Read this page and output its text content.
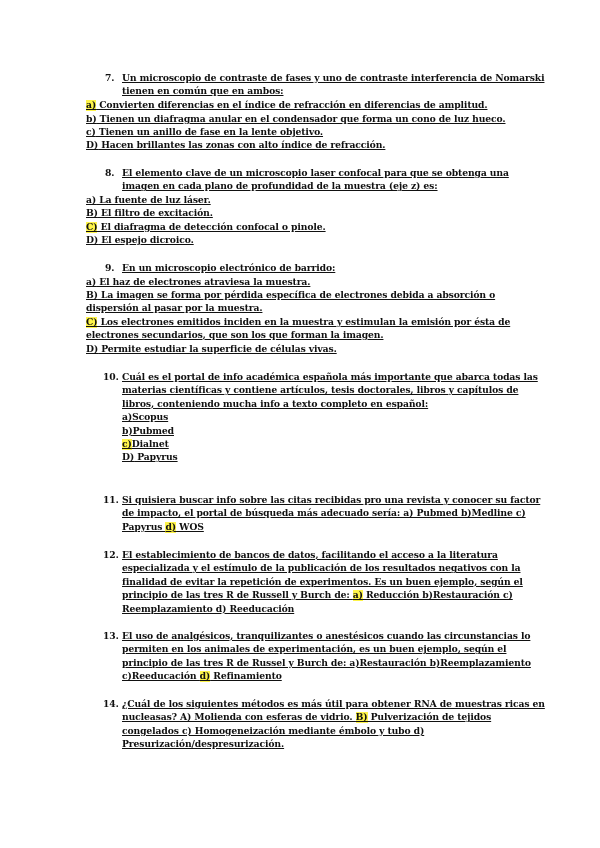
7. Un microscopio de contraste de fases y uno de contraste interferencia de Nomarski
tienen en común que en ambos:
a) Convierten diferencias en el índice de refracción en diferencias de amplitud.
b) Tienen un diafragma anular en el condensador que forma un cono de luz hueco.
c) Tienen un anillo de fase en la lente objetivo.
D) Hacen brillantes las zonas con alto índice de refracción.
8. El elemento clave de un microscopio laser confocal para que se obtenga una
imagen en cada plano de profundidad de la muestra (eje z) es:
a) La fuente de luz láser.
B) El filtro de excitación.
C) El diafragma de detección confocal o pinole.
D) El espejo dicroico.
9. En un microscopio electrónico de barrido:
a) El haz de electrones atraviesa la muestra.
B) La imagen se forma por pérdida específica de electrones debida a absorción o
dispersión al pasar por la muestra.
C) Los electrones emitidos inciden en la muestra y estimulan la emisión por ésta de
electrones secundarios, que son los que forman la imagen.
D) Permite estudiar la superficie de células vivas.
10. Cuál es el portal de info académica española más importante que abarca todas las
materias científicas y contiene artículos, tesis doctorales, libros y capítulos de
libros, conteniendo mucha info a texto completo en español:
a)Scopus
b)Pubmed
c)Dialnet
D) Papyrus
11. Si quisiera buscar info sobre las citas recibidas pro una revista y conocer su factor
de impacto, el portal de búsqueda más adecuado sería: a) Pubmed b)Medline c)
Papyrus d) WOS
12. El establecimiento de bancos de datos, facilitando el acceso a la literatura
especializada y el estímulo de la publicación de los resultados negativos con la
finalidad de evitar la repetición de experimentos. Es un buen ejemplo, según el
principio de las tres R de Russell y Burch de: a) Reducción b)Restauración c)
Reemplazamiento d) Reeducación
13. El uso de analgésicos, tranquilizantes o anestésicos cuando las circunstancias lo
permiten en los animales de experimentación, es un buen ejemplo, según el
principio de las tres R de Russel y Burch de: a)Restauración b)Reemplazamiento
c)Reeducación d) Refinamiento
14. ¿Cuál de los siguientes métodos es más útil para obtener RNA de muestras ricas en
nucleasas? A) Molienda con esferas de vidrio. B) Pulverización de tejidos
congelados c) Homogeneización mediante émbolo y tubo d)
Presurización/despresurización.
